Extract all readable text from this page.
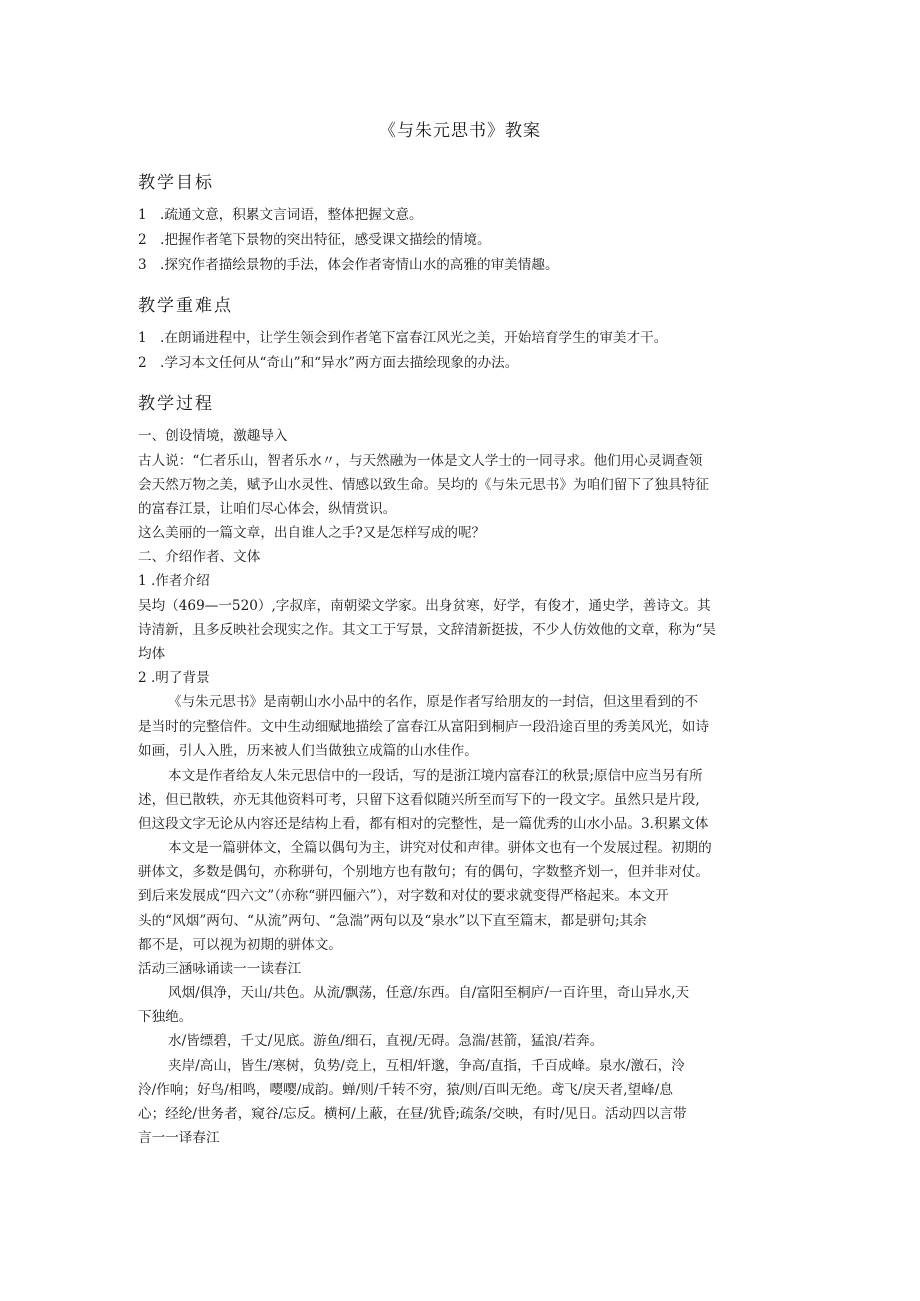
《与朱元思书》教案
教学目标
1 .疏通文意，积累文言词语，整体把握文意。
2 .把握作者笔下景物的突出特征，感受课文描绘的情境。
3 .探究作者描绘景物的手法，体会作者寄情山水的高雅的审美情趣。
教学重难点
1 .在朗诵进程中，让学生领会到作者笔下富春江风光之美，开始培育学生的审美才干。
2 .学习本文任何从“奇山”和“异水”两方面去描绘现象的办法。
教学过程
一、创设情境，激趣导入
古人说：“仁者乐山，智者乐水〃，与天然融为一体是文人学士的一同寻求。他们用心灵调查领
会天然万物之美，赋予山水灵性、情感以致生命。吴均的《与朱元思书》为咱们留下了独具特征
的富春江景，让咱们尽心体会，纵情赏识。
这么美丽的一篇文章，出自谁人之手?又是怎样写成的呢？
二、介绍作者、文体
1 .作者介绍
吴均（469—一520）,字叔庠，南朝梁文学家。出身贫寒，好学，有俊才，通史学，善诗文。其
诗清新，且多反映社会现实之作。其文工于写景，文辞清新挺拔，不少人仿效他的文章，称为“吴
均体
2 .明了背景
《与朱元思书》是南朝山水小品中的名作，原是作者写给朋友的一封信，但这里看到的不
是当时的完整信件。文中生动细赋地描绘了富春江从富阳到桐庐一段沿途百里的秀美风光，如诗
如画，引人入胜，历来被人们当做独立成篇的山水佳作。
本文是作者给友人朱元思信中的一段话，写的是浙江境内富春江的秋景;原信中应当另有所
述，但已散轶，亦无其他资料可考，只留下这看似随兴所至而写下的一段文字。虽然只是片段,
但这段文字无论从内容还是结构上看，都有相对的完整性，是一篇优秀的山水小品。3.积累文体
本文是一篇骈体文，全篇以偶句为主，讲究对仗和声律。骈体文也有一个发展过程。初期的
骈体文，多数是偶句，亦称骈句，个别地方也有散句；有的偶句，字数整齐划一，但并非对仗。
到后来发展成“四六文”（亦称“骈四俪六”），对字数和对仗的要求就变得严格起来。本文开
头的“风烟”两句、“从流”两句、“急湍”两句以及“泉水”以下直至篇末，都是骈句;其余
都不是，可以视为初期的骈体文。
活动三涵咏诵读一一读春江
风烟/俱净，天山/共色。从流/飘荡，任意/东西。自/富阳至桐庐/一百许里，奇山异水,天
下独绝。
水/皆缥碧，千丈/见底。游鱼/细石，直视/无碍。急湍/甚箭，猛浪/若奔。
夹岸/高山，皆生/寒树，负势/竞上，互相/轩邈，争高/直指，千百成峰。泉水/激石，泠
泠/作响；好鸟/相鸣，嘤嘤/成韵。蝉/则/千转不穷，猿/则/百叫无绝。鸢飞/戾天者,望峰/息
心；经纶/世务者，窥谷/忘反。横柯/上蔽，在昼/犹昏;疏条/交映，有时/见日。活动四以言带
言一一译春江
